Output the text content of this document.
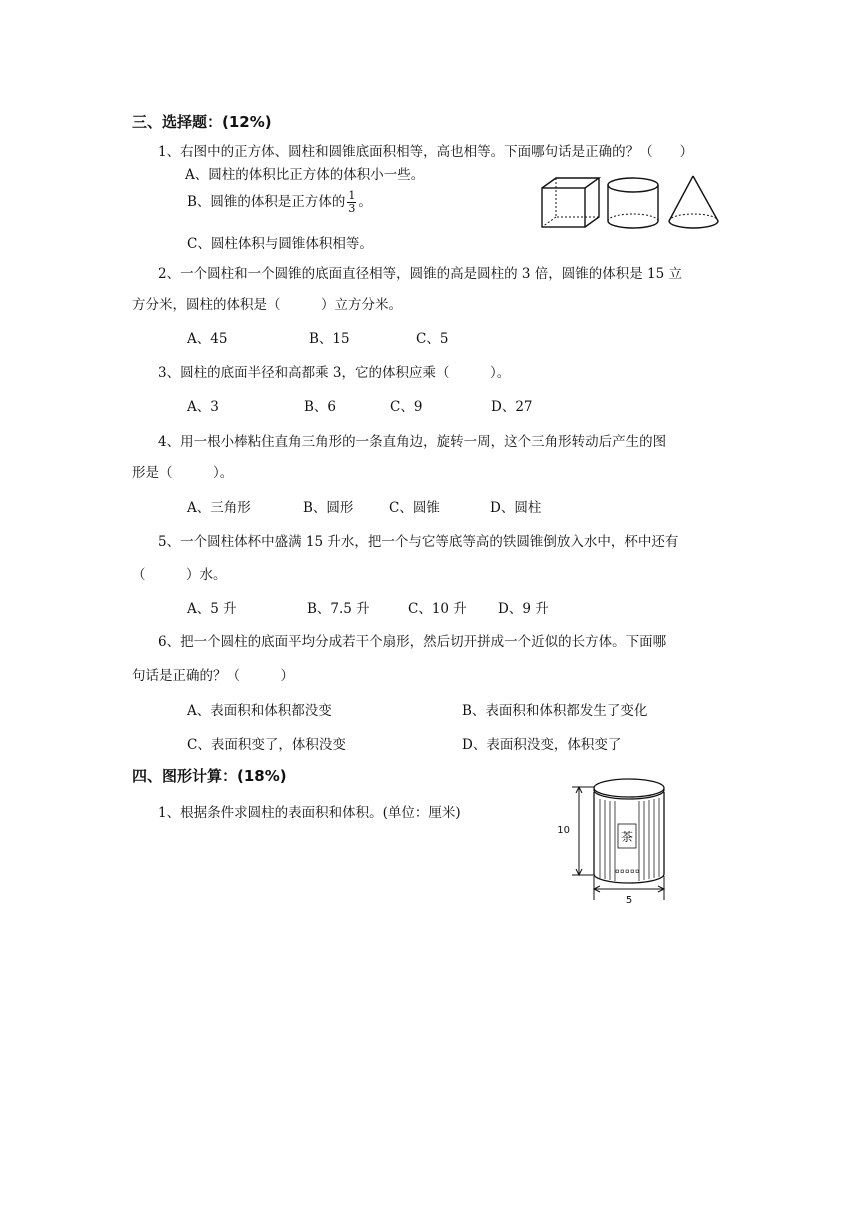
三、选择题：(12%)
1、右图中的正方体、圆柱和圆锥底面积相等，高也相等。下面哪句话是正确的？（　　）
A、圆柱的体积比正方体的体积小一些。
B、圆锥的体积是正方体的 $\frac{1}{3}$ 。
C、圆柱体积与圆锥体积相等。
2、一个圆柱和一个圆锥的底面直径相等，圆锥的高是圆柱的 3 倍，圆锥的体积是 15 立
方分米，圆柱的体积是（　　　）立方分米。
A、45	B、15	C、5
3、圆柱的底面半径和高都乘 3，它的体积应乘（　　　）。
A、3	B、6	C、9	D、27
4、用一根小棒粘住直角三角形的一条直角边，旋转一周，这个三角形转动后产生的图
形是（　　　）。
A、三角形	B、圆形	C、圆锥	D、圆柱
5、一个圆柱体杯中盛满 15 升水，把一个与它等底等高的铁圆锥倒放入水中，杯中还有
（　　　）水。
A、5 升	B、7.5 升	C、10 升 D、9 升
6、把一个圆柱的底面平均分成若干个扇形，然后切开拼成一个近似的长方体。下面哪
句话是正确的？（　　　）
A、表面积和体积都没变	B、表面积和体积都发生了变化
C、表面积变了，体积没变	D、表面积没变，体积变了
四、图形计算：(18%)
1、根据条件求圆柱的表面积和体积。(单位：厘米)
茶
10
5
